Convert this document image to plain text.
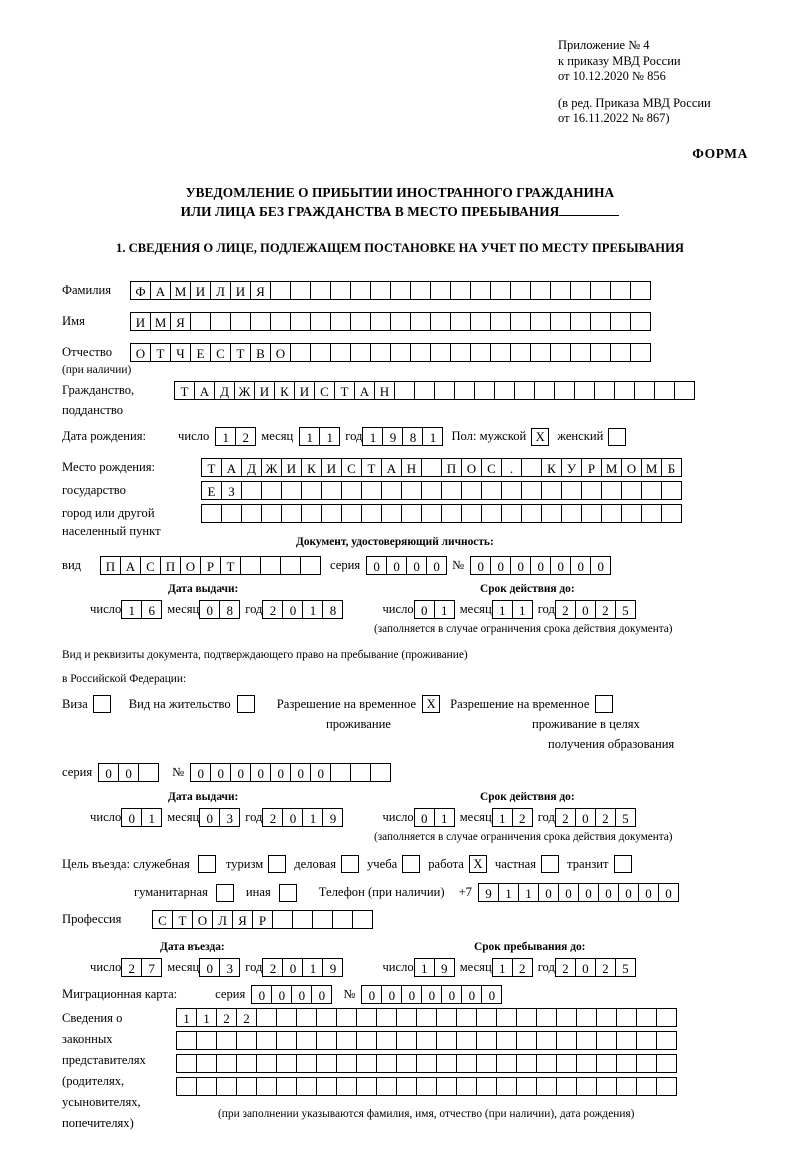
Приложение № 4
к приказу МВД России
от 10.12.2020 № 856
(в ред. Приказа МВД России
от 16.11.2022 № 867)
ФОРМА
УВЕДОМЛЕНИЕ О ПРИБЫТИИ ИНОСТРАННОГО ГРАЖДАНИНА
ИЛИ ЛИЦА БЕЗ ГРАЖДАНСТВА В МЕСТО ПРЕБЫВАНИЯ
1. СВЕДЕНИЯ О ЛИЦЕ, ПОДЛЕЖАЩЕМ ПОСТАНОВКЕ НА УЧЕТ ПО МЕСТУ ПРЕБЫВАНИЯ
Фамилия	Ф А М И Л И Я
Имя	И М Я
Отчество	О Т Ч Е С Т В О
(при наличии)
Гражданство,	Т А Д Ж И К И С Т А Н
подданство
Дата рождения:	число	1	2 месяц	1	1 год 1	9	8	1	Пол: мужской X женский
Место рождения:	Т А Д Ж И К И С Т А Н	П О С	.	К У Р М О М Б
государство	Е З
город или другой
населенный пункт
Документ, удостоверяющий личность:
вид	П А С П О Р Т	серия	0	0	0	0 №	0	0	0	0	0	0	0
Дата выдачи:	Срок действия до:
число 1	6 месяц 0	8 год 2	0	1	8	число 0	1 месяц 1	1 год 2	0	2	5
(заполняется в случае ограничения срока действия документа)
Вид и реквизиты документа, подтверждающего право на пребывание (проживание)
в Российской Федерации:
Виза	Вид на жительство	Разрешение на временное X	Разрешение на временное
проживание	проживание в целях
получения образования
серия	0	0	№	0	0	0	0	0	0	0
Дата выдачи:	Срок действия до:
число 0	1 месяц 0	3 год 2	0	1	9	число 0	1 месяц 1	2 год 2	0	2	5
(заполняется в случае ограничения срока действия документа)
Цель въезда: служебная	туризм деловая учеба работа X частная транзит
гуманитарная	иная	Телефон (при наличии) +7	9	1	1	0	0	0	0	0	0	0
Профессия	С Т О Л Я Р
Дата въезда:	Срок пребывания до:
число 2	7 месяц 0	3 год 2	0	1	9	число 1	9 месяц 1	2 год 2	0	2	5
Миграционная карта:	серия	0	0	0	0	№	0	0	0	0	0	0	0
Сведения о
законных
представителях
(родителях,
усыновителях,
попечителях)
1	1	2	2
(при заполнении указываются фамилия, имя, отчество (при наличии), дата рождения)
